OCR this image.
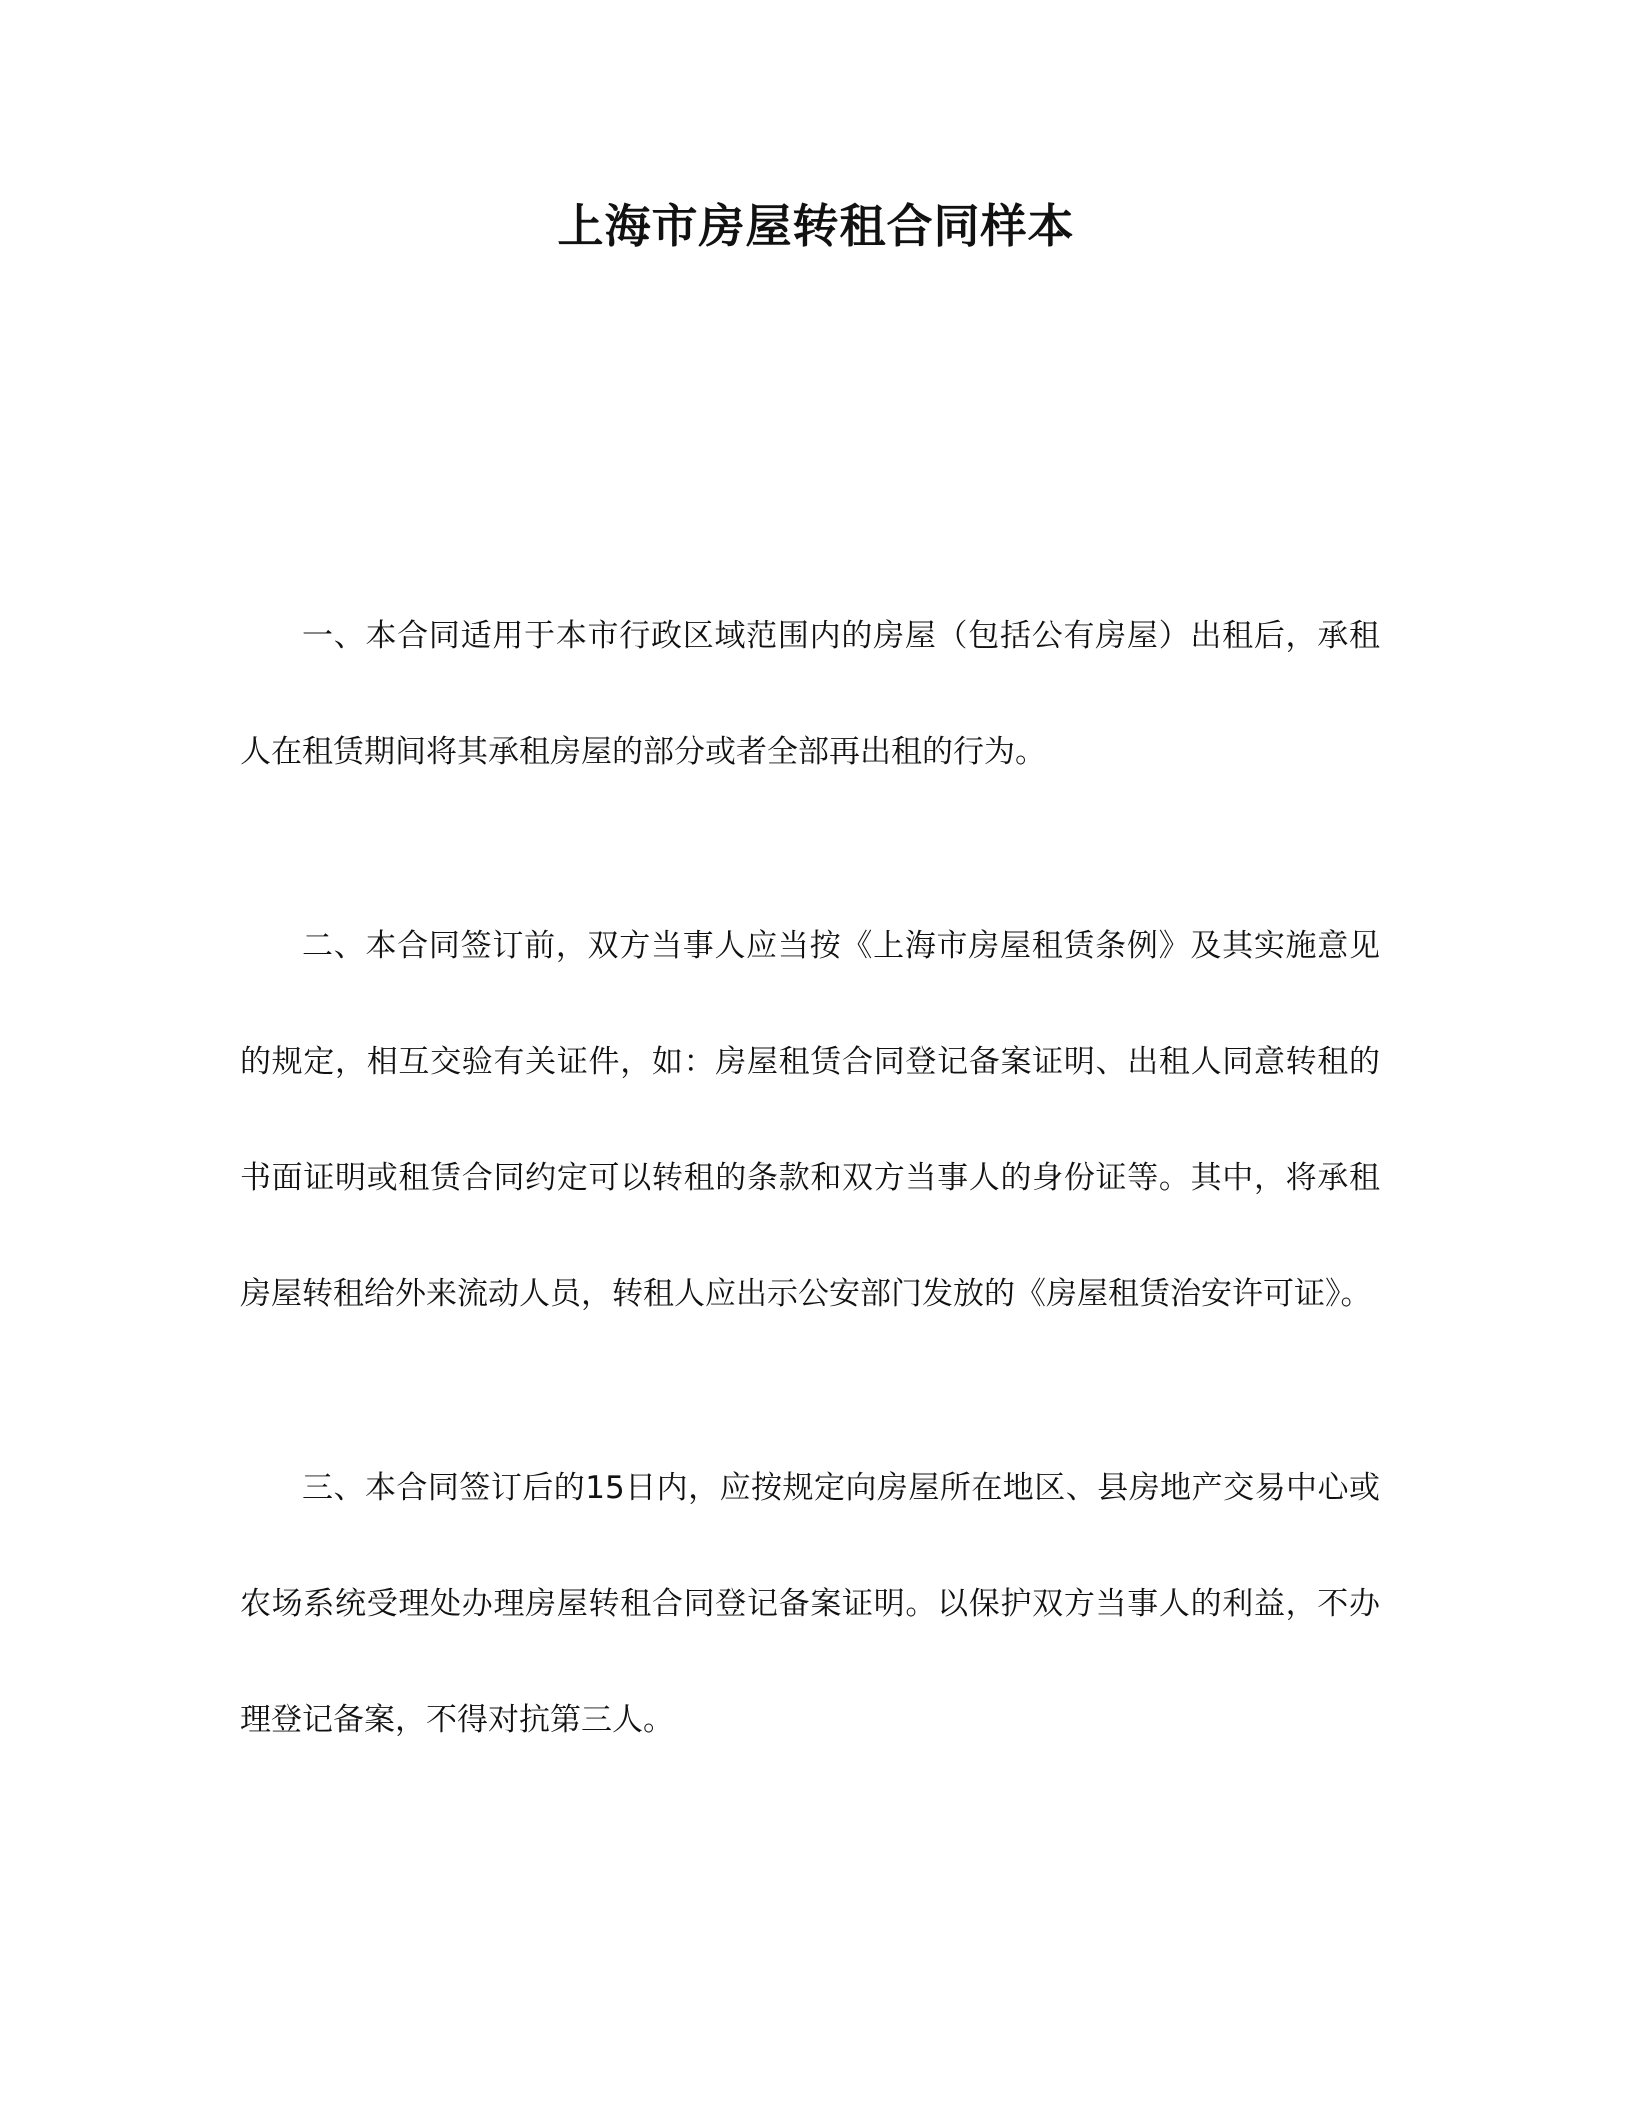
上海市房屋转租合同样本

一、本合同适用于本市行政区域范围内的房屋（包括公有房屋）出租后，承租人在租赁期间将其承租房屋的部分或者全部再出租的行为。

二、本合同签订前，双方当事人应当按《上海市房屋租赁条例》及其实施意见的规定，相互交验有关证件，如：房屋租赁合同登记备案证明、出租人同意转租的书面证明或租赁合同约定可以转租的条款和双方当事人的身份证等。其中，将承租房屋转租给外来流动人员，转租人应出示公安部门发放的《房屋租赁治安许可证》。

三、本合同签订后的15日内，应按规定向房屋所在地区、县房地产交易中心或农场系统受理处办理房屋转租合同登记备案证明。以保护双方当事人的利益，不办理登记备案，不得对抗第三人。
